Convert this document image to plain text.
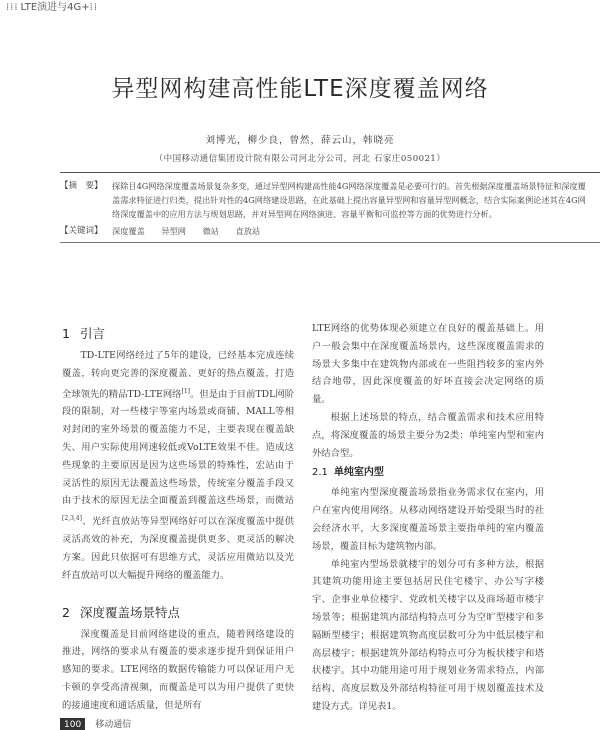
⁞⁞⁞ LTE演进与4G+⁞⁞
异型网构建高性能LTE深度覆盖网络
刘博光，柳少良，曾然，薛云山，韩晓亮
（中国移动通信集团设计院有限公司河北分公司，河北 石家庄050021）
【摘　要】	探除目4G网络深度覆盖场景复杂多变，通过异型网构建高性能4G网络深度覆盖是必要可行的。首先根据深度覆盖场景特征和深度覆盖需求特征进行归类，提出针对性的4G网络建设思路，在此基础上提出容量异型网和容量异型网概念，结合实际案例论述其在4G网络深度覆盖中的应用方法与规划思路，并对异型网在网络演进、容量平衡和可监控等方面的优势进行分析。
【关键词】	深度覆盖 异型网 微站 直放站
1 引言

TD-LTE网络经过了5年的建设，已经基本完成连续覆盖，转向更完善的深度覆盖、更好的热点覆盖，打造全球领先的精品TD-LTE网络[1]。但是由于目前TDL网阶段的限制，对一些楼宇等室内场景或商铺、MALL等相对封闭的室外场景的覆盖能力不足，主要表现在覆盖缺失、用户实际使用网速较低或VoLTE效果不佳。造成这些现象的主要原因是因为这些场景的特殊性，宏站由于灵活性的原因无法覆盖这些场景，传统室分覆盖手段又由于技术的原因无法全面覆盖到覆盖这些场景，而微站[2,3,4]、光纤直放站等异型网络好可以在深度覆盖中提供灵活高效的补充，为深度覆盖提供更多、更灵活的解决方案。因此只依据可有思维方式，灵活应用微站以及光纤直放站可以大幅提升网络的覆盖能力。

2 深度覆盖场景特点

深度覆盖是目前网络建设的重点，随着网络建设的推进，网络的要求从有覆盖的要求逐步提升到保证用户感知的要求。LTE网络的数据传输能力可以保证用户无卡顿的享受高清视频，而覆盖是可以为用户提供了更快的接通速度和通话质量，但是所有

LTE网络的优势体现必须建立在良好的覆盖基础上。用户一般会集中在深度覆盖场景内，这些深度覆盖需求的场景大多集中在建筑物内部或在一些阻挡较多的室内外结合地带，因此深度覆盖的好坏直接会决定网络的质量。

根据上述场景的特点，结合覆盖需求和技术应用特点，将深度覆盖的场景主要分为2类：单纯室内型和室内外结合型。

2.1 单纯室内型

单纯室内型深度覆盖场景指业务需求仅在室内，用户在室内使用网络。从移动网络建设开始受限当时的社会经济水平，大多深度覆盖场景主要指单纯的室内覆盖场景，覆盖目标为建筑物内部。

单纯室内型场景就楼宇的划分可有多种方法，根据其建筑功能用途主要包括居民住宅楼宇、办公写字楼宇、企事业单位楼宇、党政机关楼宇以及商场超市楼宇场景等；根据建筑内部结构特点可分为空旷型楼宇和多隔断型楼宇；根据建筑物高度层数可分为中低层楼宇和高层楼宇；根据建筑外部结构特点可分为板状楼宇和塔状楼宇。其中功能用途可用于规划业务需求特点，内部结构、高度层数及外部结构特征可用于规划覆盖技术及建设方式。详见表1。

100 移动通信
